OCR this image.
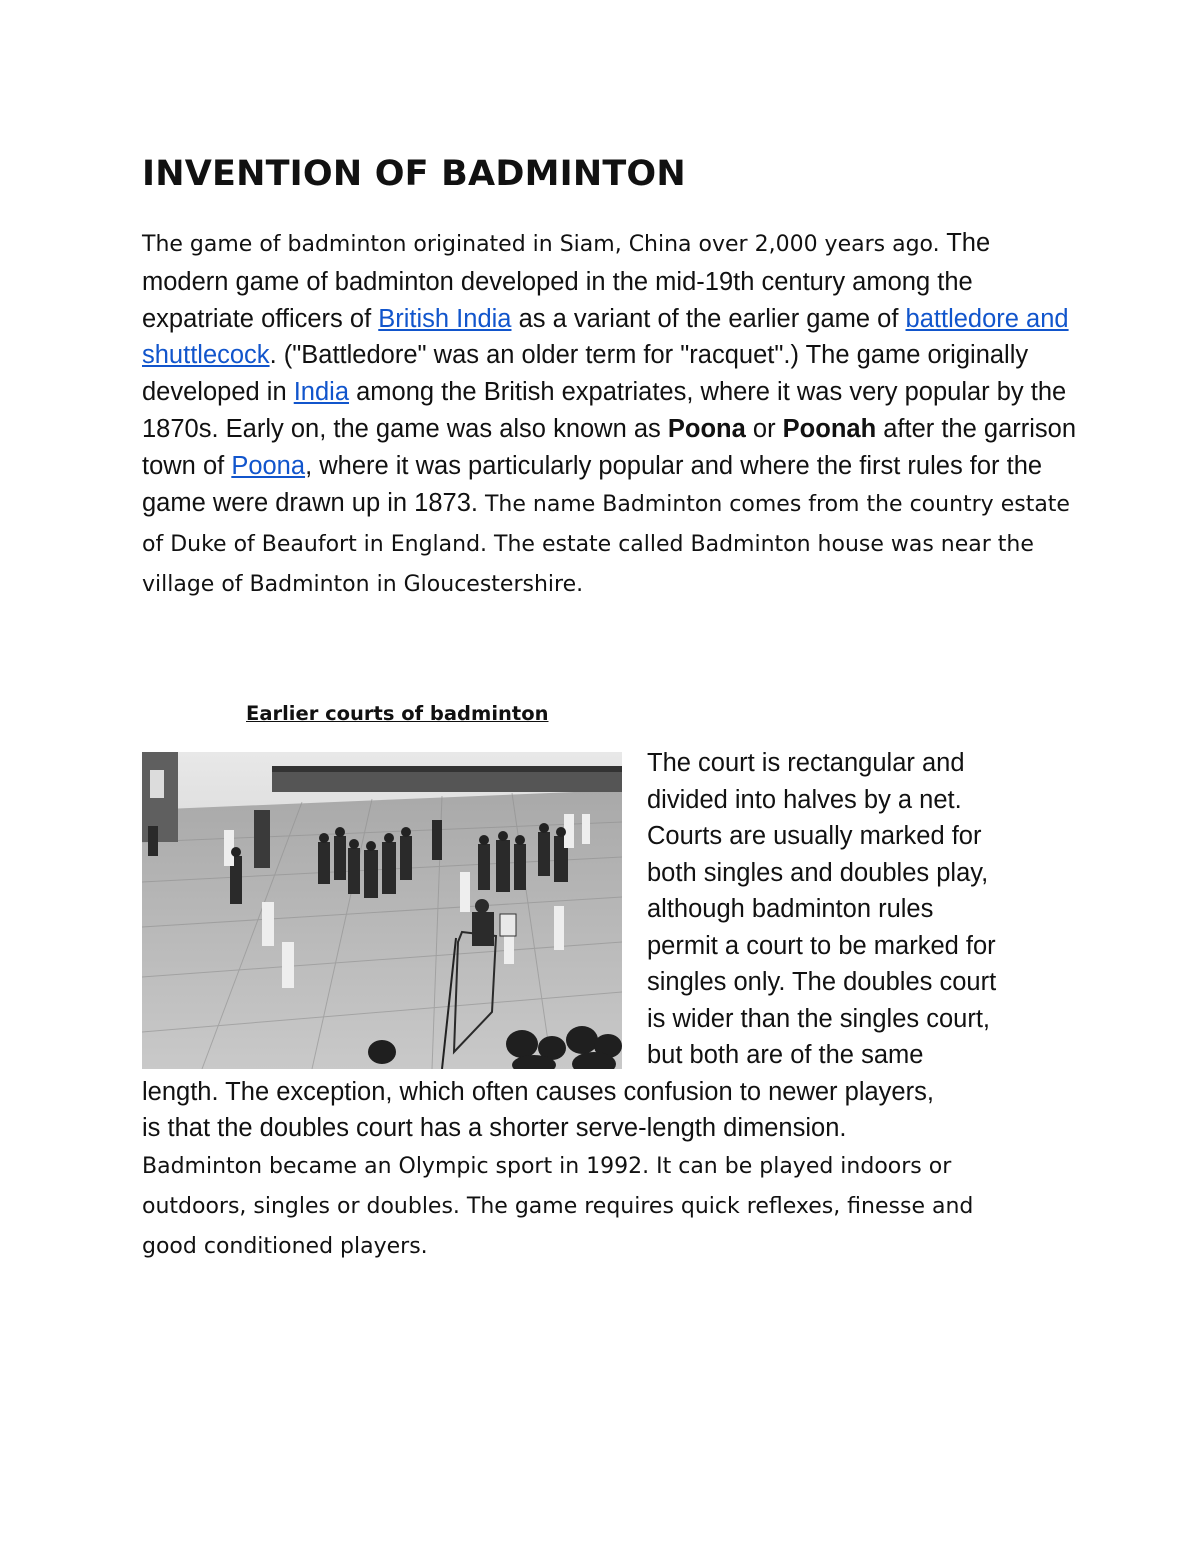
INVENTION OF BADMINTON

The game of badminton originated in Siam, China over 2,000 years ago. The modern game of badminton developed in the mid-19th century among the expatriate officers of British India as a variant of the earlier game of battledore and shuttlecock. ("Battledore" was an older term for "racquet".) The game originally developed in India among the British expatriates, where it was very popular by the 1870s. Early on, the game was also known as Poona or Poonah after the garrison town of Poona, where it was particularly popular and where the first rules for the game were drawn up in 1873. The name Badminton comes from the country estate of Duke of Beaufort in England. The estate called Badminton house was near the village of Badminton in Gloucestershire.

Earlier courts of badminton

The court is rectangular and
divided into halves by a net.
Courts are usually marked for
both singles and doubles play,
although badminton rules
permit a court to be marked for
singles only. The doubles court
is wider than the singles court,
but both are of the same
length. The exception, which often causes confusion to newer players,
is that the doubles court has a shorter serve-length dimension.
Badminton became an Olympic sport in 1992. It can be played indoors or
outdoors, singles or doubles. The game requires quick reflexes, finesse and
good conditioned players.
